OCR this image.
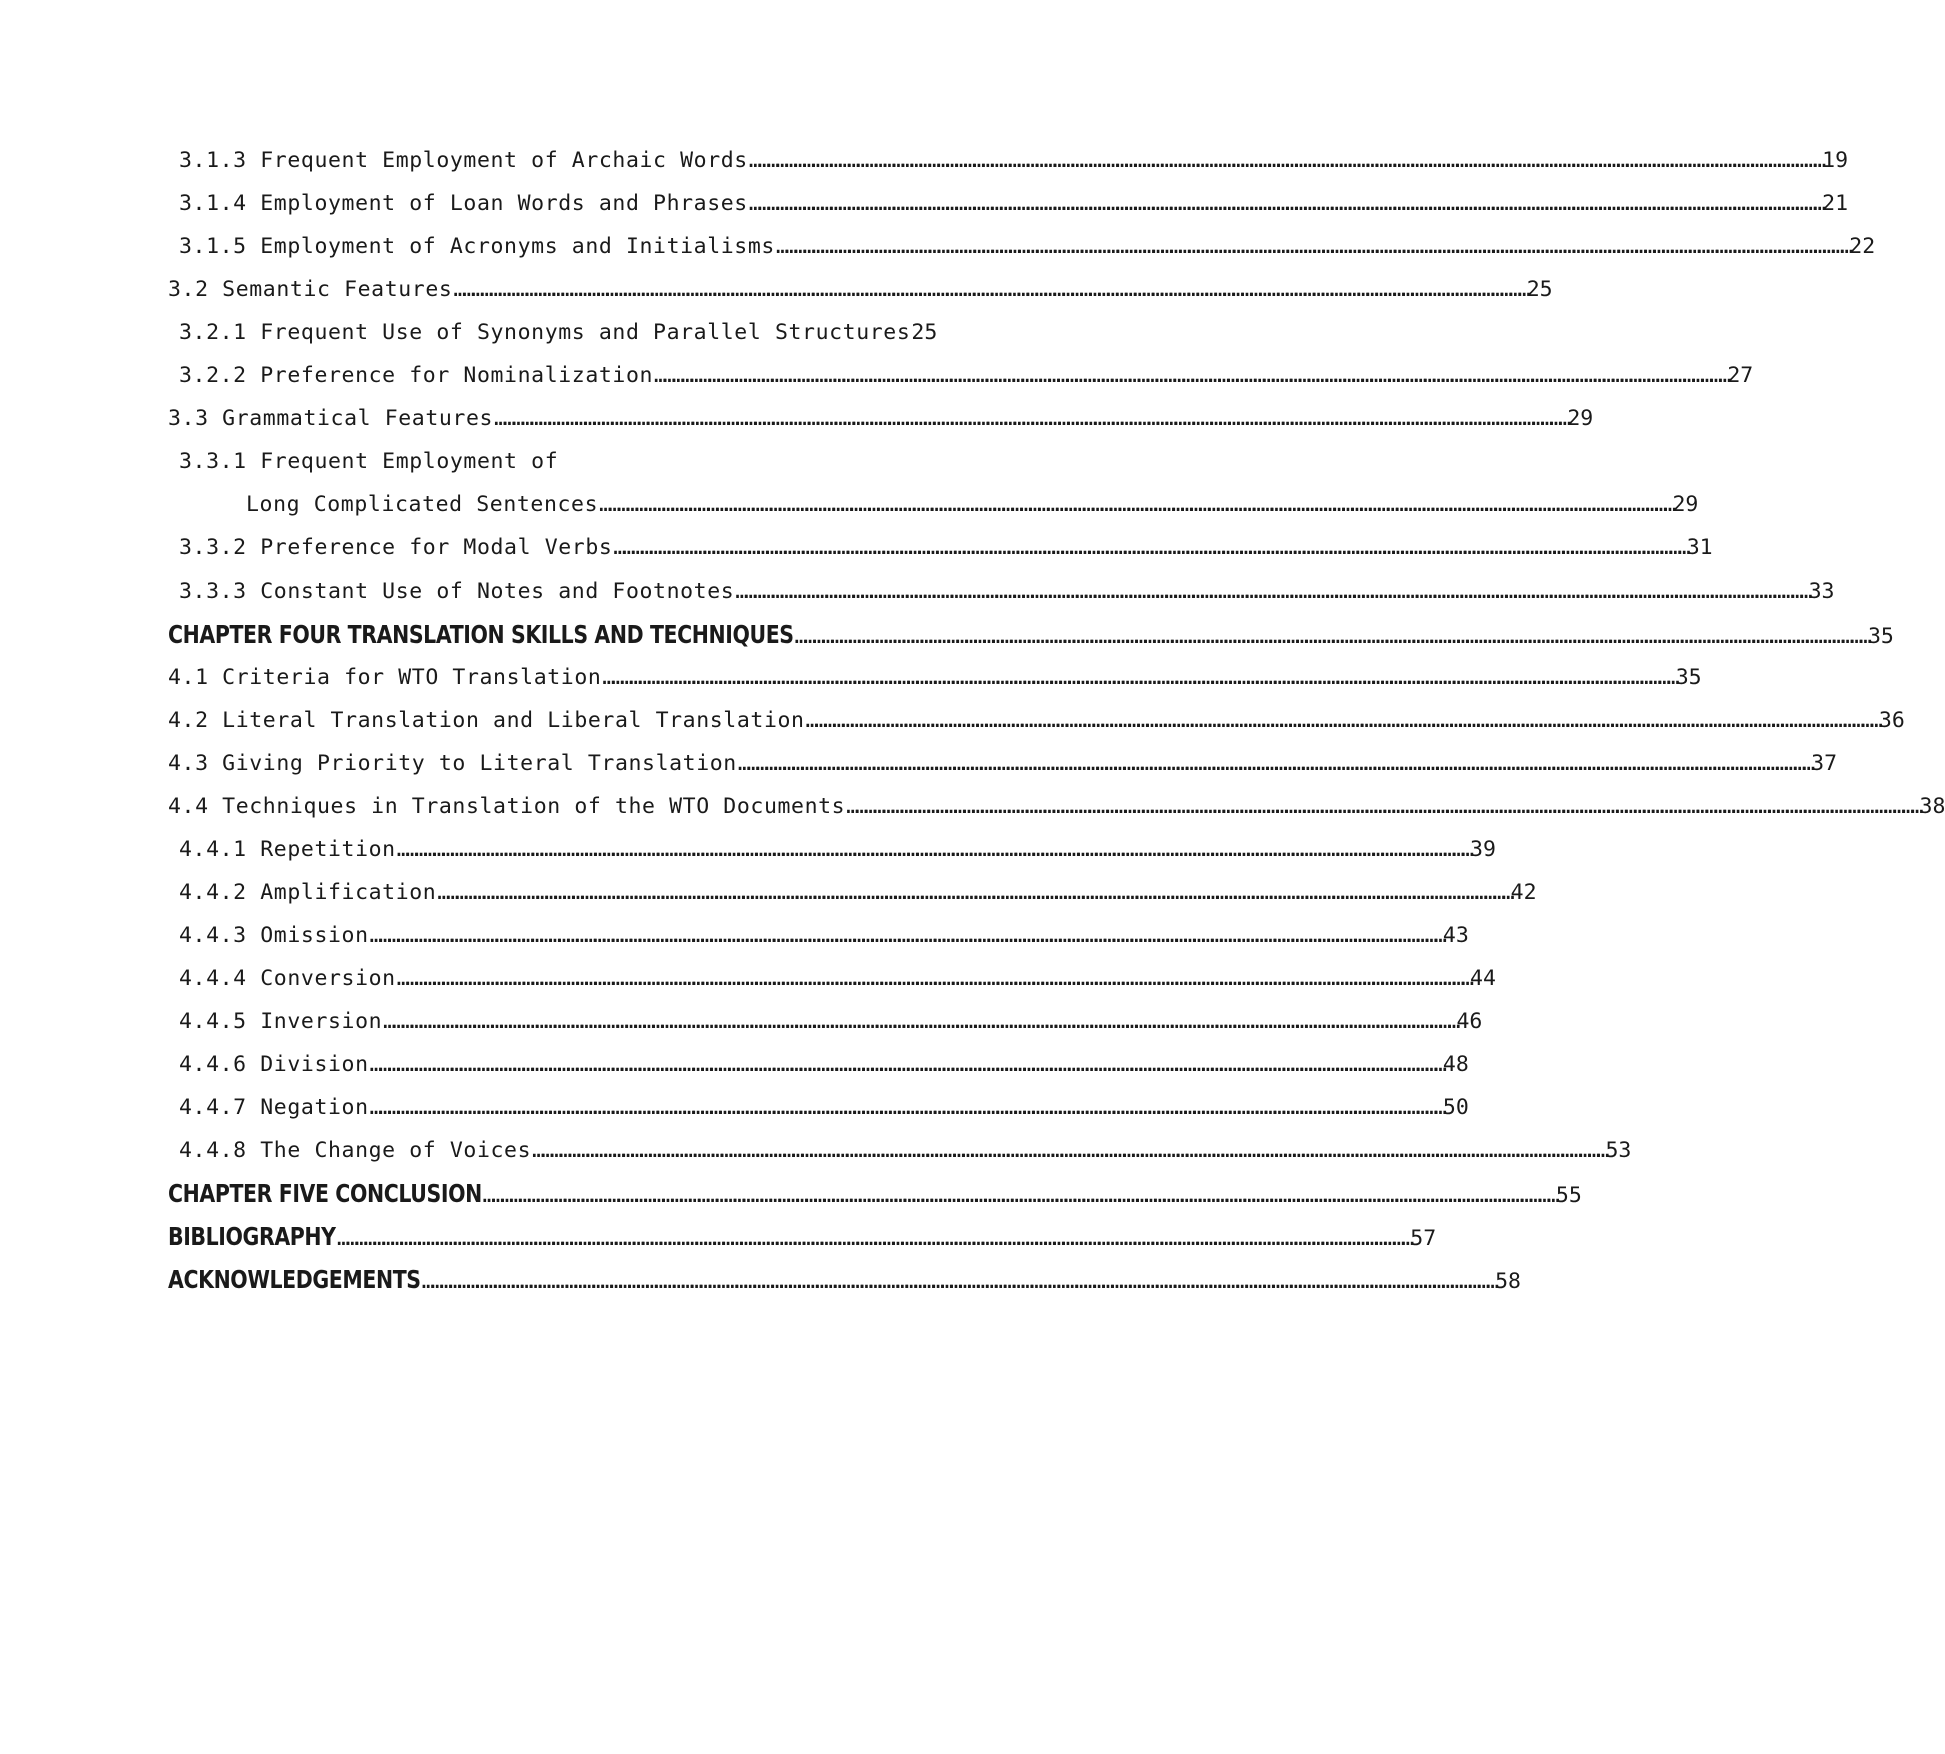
3.1.3 Frequent Employment of Archaic Words ……………………………………………………………………………………………………………………………………………………………………………………………………………………………………………………………………………………………………………………………… 19
3.1.4 Employment of Loan Words and Phrases ……………………………………………………………………………………………………………………………………………………………………………………………………………………………………………………………………………………………………………………………… 21
3.1.5 Employment of Acronyms and Initialisms ……………………………………………………………………………………………………………………………………………………………………………………………………………………………………………………………………………………………………………………………… 22
3.2 Semantic Features ……………………………………………………………………………………………………………………………………………………………………………………………………………………………………………………………………………………………………………………………… 25
3.2.1 Frequent Use of Synonyms and Parallel Structures 25
3.2.2 Preference for Nominalization ……………………………………………………………………………………………………………………………………………………………………………………………………………………………………………………………………………………………………………………………… 27
3.3 Grammatical Features ……………………………………………………………………………………………………………………………………………………………………………………………………………………………………………………………………………………………………………………………… 29
3.3.1 Frequent Employment of
Long Complicated Sentences ……………………………………………………………………………………………………………………………………………………………………………………………………………………………………………………………………………………………………………………………… 29
3.3.2 Preference for Modal Verbs ……………………………………………………………………………………………………………………………………………………………………………………………………………………………………………………………………………………………………………………………… 31
3.3.3 Constant Use of Notes and Footnotes ……………………………………………………………………………………………………………………………………………………………………………………………………………………………………………………………………………………………………………………………… 33
CHAPTER FOUR TRANSLATION SKILLS AND TECHNIQUES ……………………………………………………………………………………………………………………………………………………………………………………………………………………………………………………………………………………………………………………………… 35
4.1 Criteria for WTO Translation ……………………………………………………………………………………………………………………………………………………………………………………………………………………………………………………………………………………………………………………………… 35
4.2 Literal Translation and Liberal Translation ……………………………………………………………………………………………………………………………………………………………………………………………………………………………………………………………………………………………………………………………… 36
4.3 Giving Priority to Literal Translation ……………………………………………………………………………………………………………………………………………………………………………………………………………………………………………………………………………………………………………………………… 37
4.4 Techniques in Translation of the WTO Documents ……………………………………………………………………………………………………………………………………………………………………………………………………………………………………………………………………………………………………………………………… 38
4.4.1 Repetition ……………………………………………………………………………………………………………………………………………………………………………………………………………………………………………………………………………………………………………………………… 39
4.4.2 Amplification ……………………………………………………………………………………………………………………………………………………………………………………………………………………………………………………………………………………………………………………………… 42
4.4.3 Omission ……………………………………………………………………………………………………………………………………………………………………………………………………………………………………………………………………………………………………………………………… 43
4.4.4 Conversion ……………………………………………………………………………………………………………………………………………………………………………………………………………………………………………………………………………………………………………………………… 44
4.4.5 Inversion ……………………………………………………………………………………………………………………………………………………………………………………………………………………………………………………………………………………………………………………………… 46
4.4.6 Division ……………………………………………………………………………………………………………………………………………………………………………………………………………………………………………………………………………………………………………………………… 48
4.4.7 Negation ……………………………………………………………………………………………………………………………………………………………………………………………………………………………………………………………………………………………………………………………… 50
4.4.8 The Change of Voices ……………………………………………………………………………………………………………………………………………………………………………………………………………………………………………………………………………………………………………………………… 53
CHAPTER FIVE CONCLUSION ……………………………………………………………………………………………………………………………………………………………………………………………………………………………………………………………………………………………………………………………… 55
BIBLIOGRAPHY ……………………………………………………………………………………………………………………………………………………………………………………………………………………………………………………………………………………………………………………………… 57
ACKNOWLEDGEMENTS ……………………………………………………………………………………………………………………………………………………………………………………………………………………………………………………………………………………………………………………………… 58
